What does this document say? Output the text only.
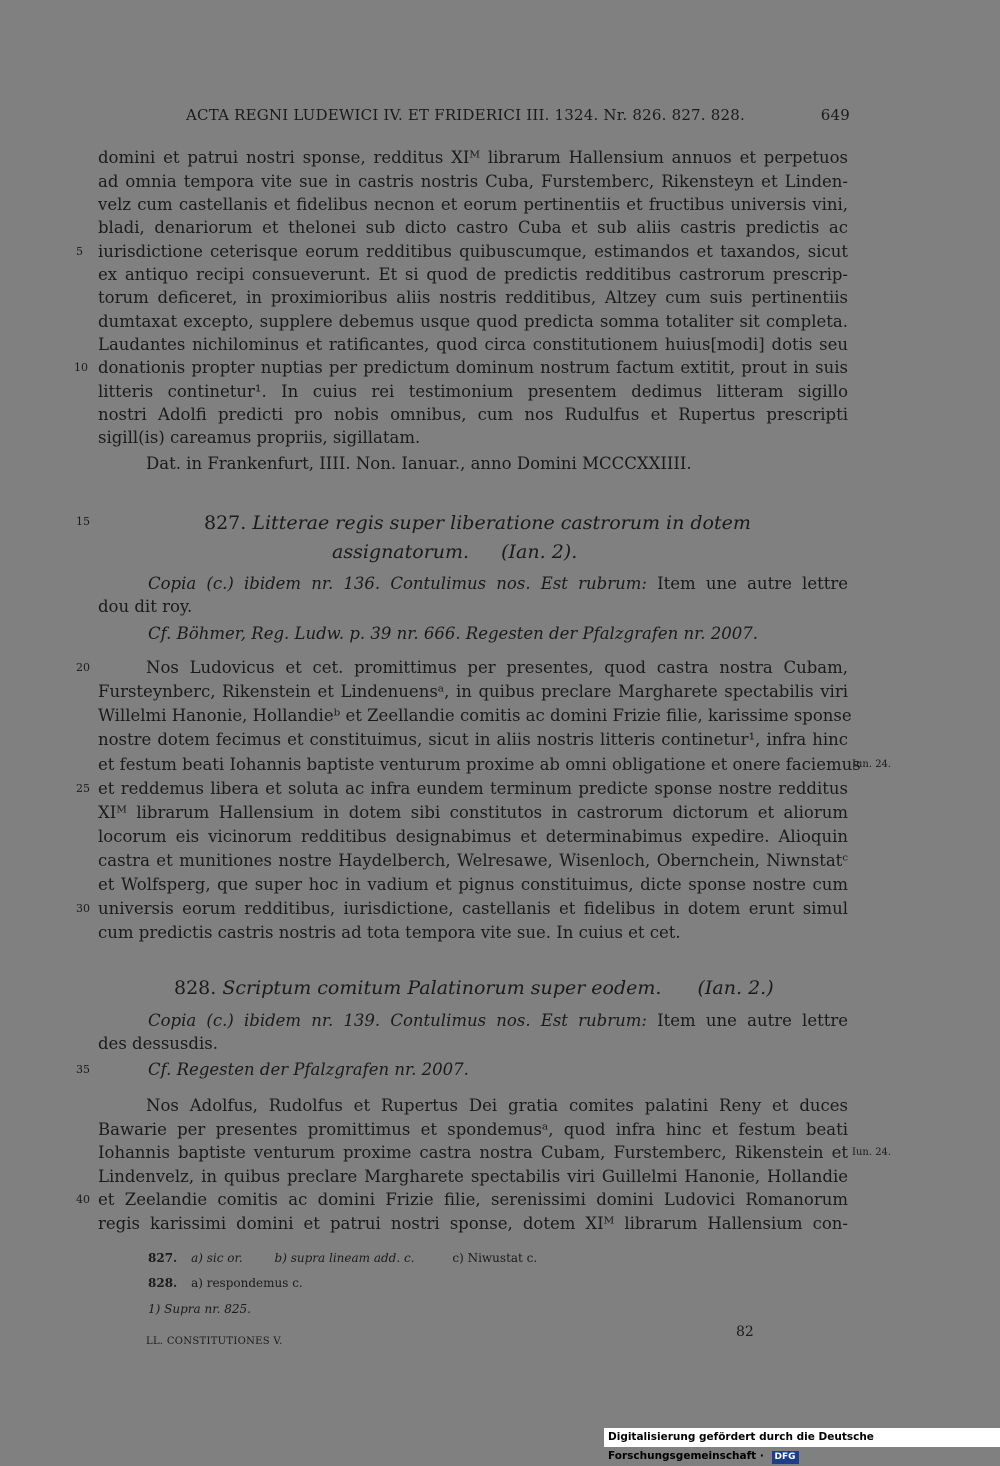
ACTA REGNI LUDEWICI IV. ET FRIDERICI III. 1324. Nr. 826. 827. 828.	649
domini et patrui nostri sponse, redditus XIᴹ librarum Hallensium annuos et perpetuos
ad omnia tempora vite sue in castris nostris Cuba, Furstemberc, Rikensteyn et Linden-
velz cum castellanis et fidelibus necnon et eorum pertinentiis et fructibus universis vini,
bladi, denariorum et thelonei sub dicto castro Cuba et sub aliis castris predictis ac
iurisdictione ceterisque eorum redditibus quibuscumque, estimandos et taxandos, sicut
ex antiquo recipi consueverunt. Et si quod de predictis redditibus castrorum prescrip-
torum deficeret, in proximioribus aliis nostris redditibus, Altzey cum suis pertinentiis
dumtaxat excepto, supplere debemus usque quod predicta somma totaliter sit completa.
Laudantes nichilominus et ratificantes, quod circa constitutionem huius[modi] dotis seu
donationis propter nuptias per predictum dominum nostrum factum extitit, prout in suis
litteris continetur¹. In cuius rei testimonium presentem dedimus litteram sigillo
nostri Adolfi predicti pro nobis omnibus, cum nos Rudulfus et Rupertus prescripti
sigill(is) careamus propriis, sigillatam.
Dat. in Frankenfurt, IIII. Non. Ianuar., anno Domini MCCCXXIIII.
827. Litterae regis super liberatione castrorum in dotem
assignatorum. (Ian. 2).
Copia (c.) ibidem nr. 136. Contulimus nos. Est rubrum: Item une autre lettre
dou dit roy.
Cf. Böhmer, Reg. Ludw. p. 39 nr. 666. Regesten der Pfalzgrafen nr. 2007.
Nos Ludovicus et cet. promittimus per presentes, quod castra nostra Cubam,
Fursteynberc, Rikenstein et Lindenuensᵃ, in quibus preclare Margharete spectabilis viri
Willelmi Hanonie, Hollandieᵇ et Zeellandie comitis ac domini Frizie filie, karissime sponse
nostre dotem fecimus et constituimus, sicut in aliis nostris litteris continetur¹, infra hinc
et festum beati Iohannis baptiste venturum proxime ab omni obligatione et onere faciemus
et reddemus libera et soluta ac infra eundem terminum predicte sponse nostre redditus
XIᴹ librarum Hallensium in dotem sibi constitutos in castrorum dictorum et aliorum
locorum eis vicinorum redditibus designabimus et determinabimus expedire. Alioquin
castra et munitiones nostre Haydelberch, Welresawe, Wisenloch, Obernchein, Niwnstatᶜ
et Wolfsperg, que super hoc in vadium et pignus constituimus, dicte sponse nostre cum
universis eorum redditibus, iurisdictione, castellanis et fidelibus in dotem erunt simul
cum predictis castris nostris ad tota tempora vite sue. In cuius et cet.
828. Scriptum comitum Palatinorum super eodem. (Ian. 2.)
Copia (c.) ibidem nr. 139. Contulimus nos. Est rubrum: Item une autre lettre
des dessusdis.
Cf. Regesten der Pfalzgrafen nr. 2007.
Nos Adolfus, Rudolfus et Rupertus Dei gratia comites palatini Reny et duces
Bawarie per presentes promittimus et spondemusᵃ, quod infra hinc et festum beati
Iohannis baptiste venturum proxime castra nostra Cubam, Furstemberc, Rikenstein et
Lindenvelz, in quibus preclare Margharete spectabilis viri Guillelmi Hanonie, Hollandie
et Zeelandie comitis ac domini Frizie filie, serenissimi domini Ludovici Romanorum
regis karissimi domini et patrui nostri sponse, dotem XIᴹ librarum Hallensium con-
5
10
15
20
25
30
35
40
Iun. 24.
Iun. 24.
827. a) sic or.	b) supra lineam add. c.	c) Niwustat c.
828. a) respondemus c.
1) Supra nr. 825.
LL. CONSTITUTIONES V.
82
Digitalisierung gefördert durch die Deutsche Forschungsgemeinschaft · DFG
